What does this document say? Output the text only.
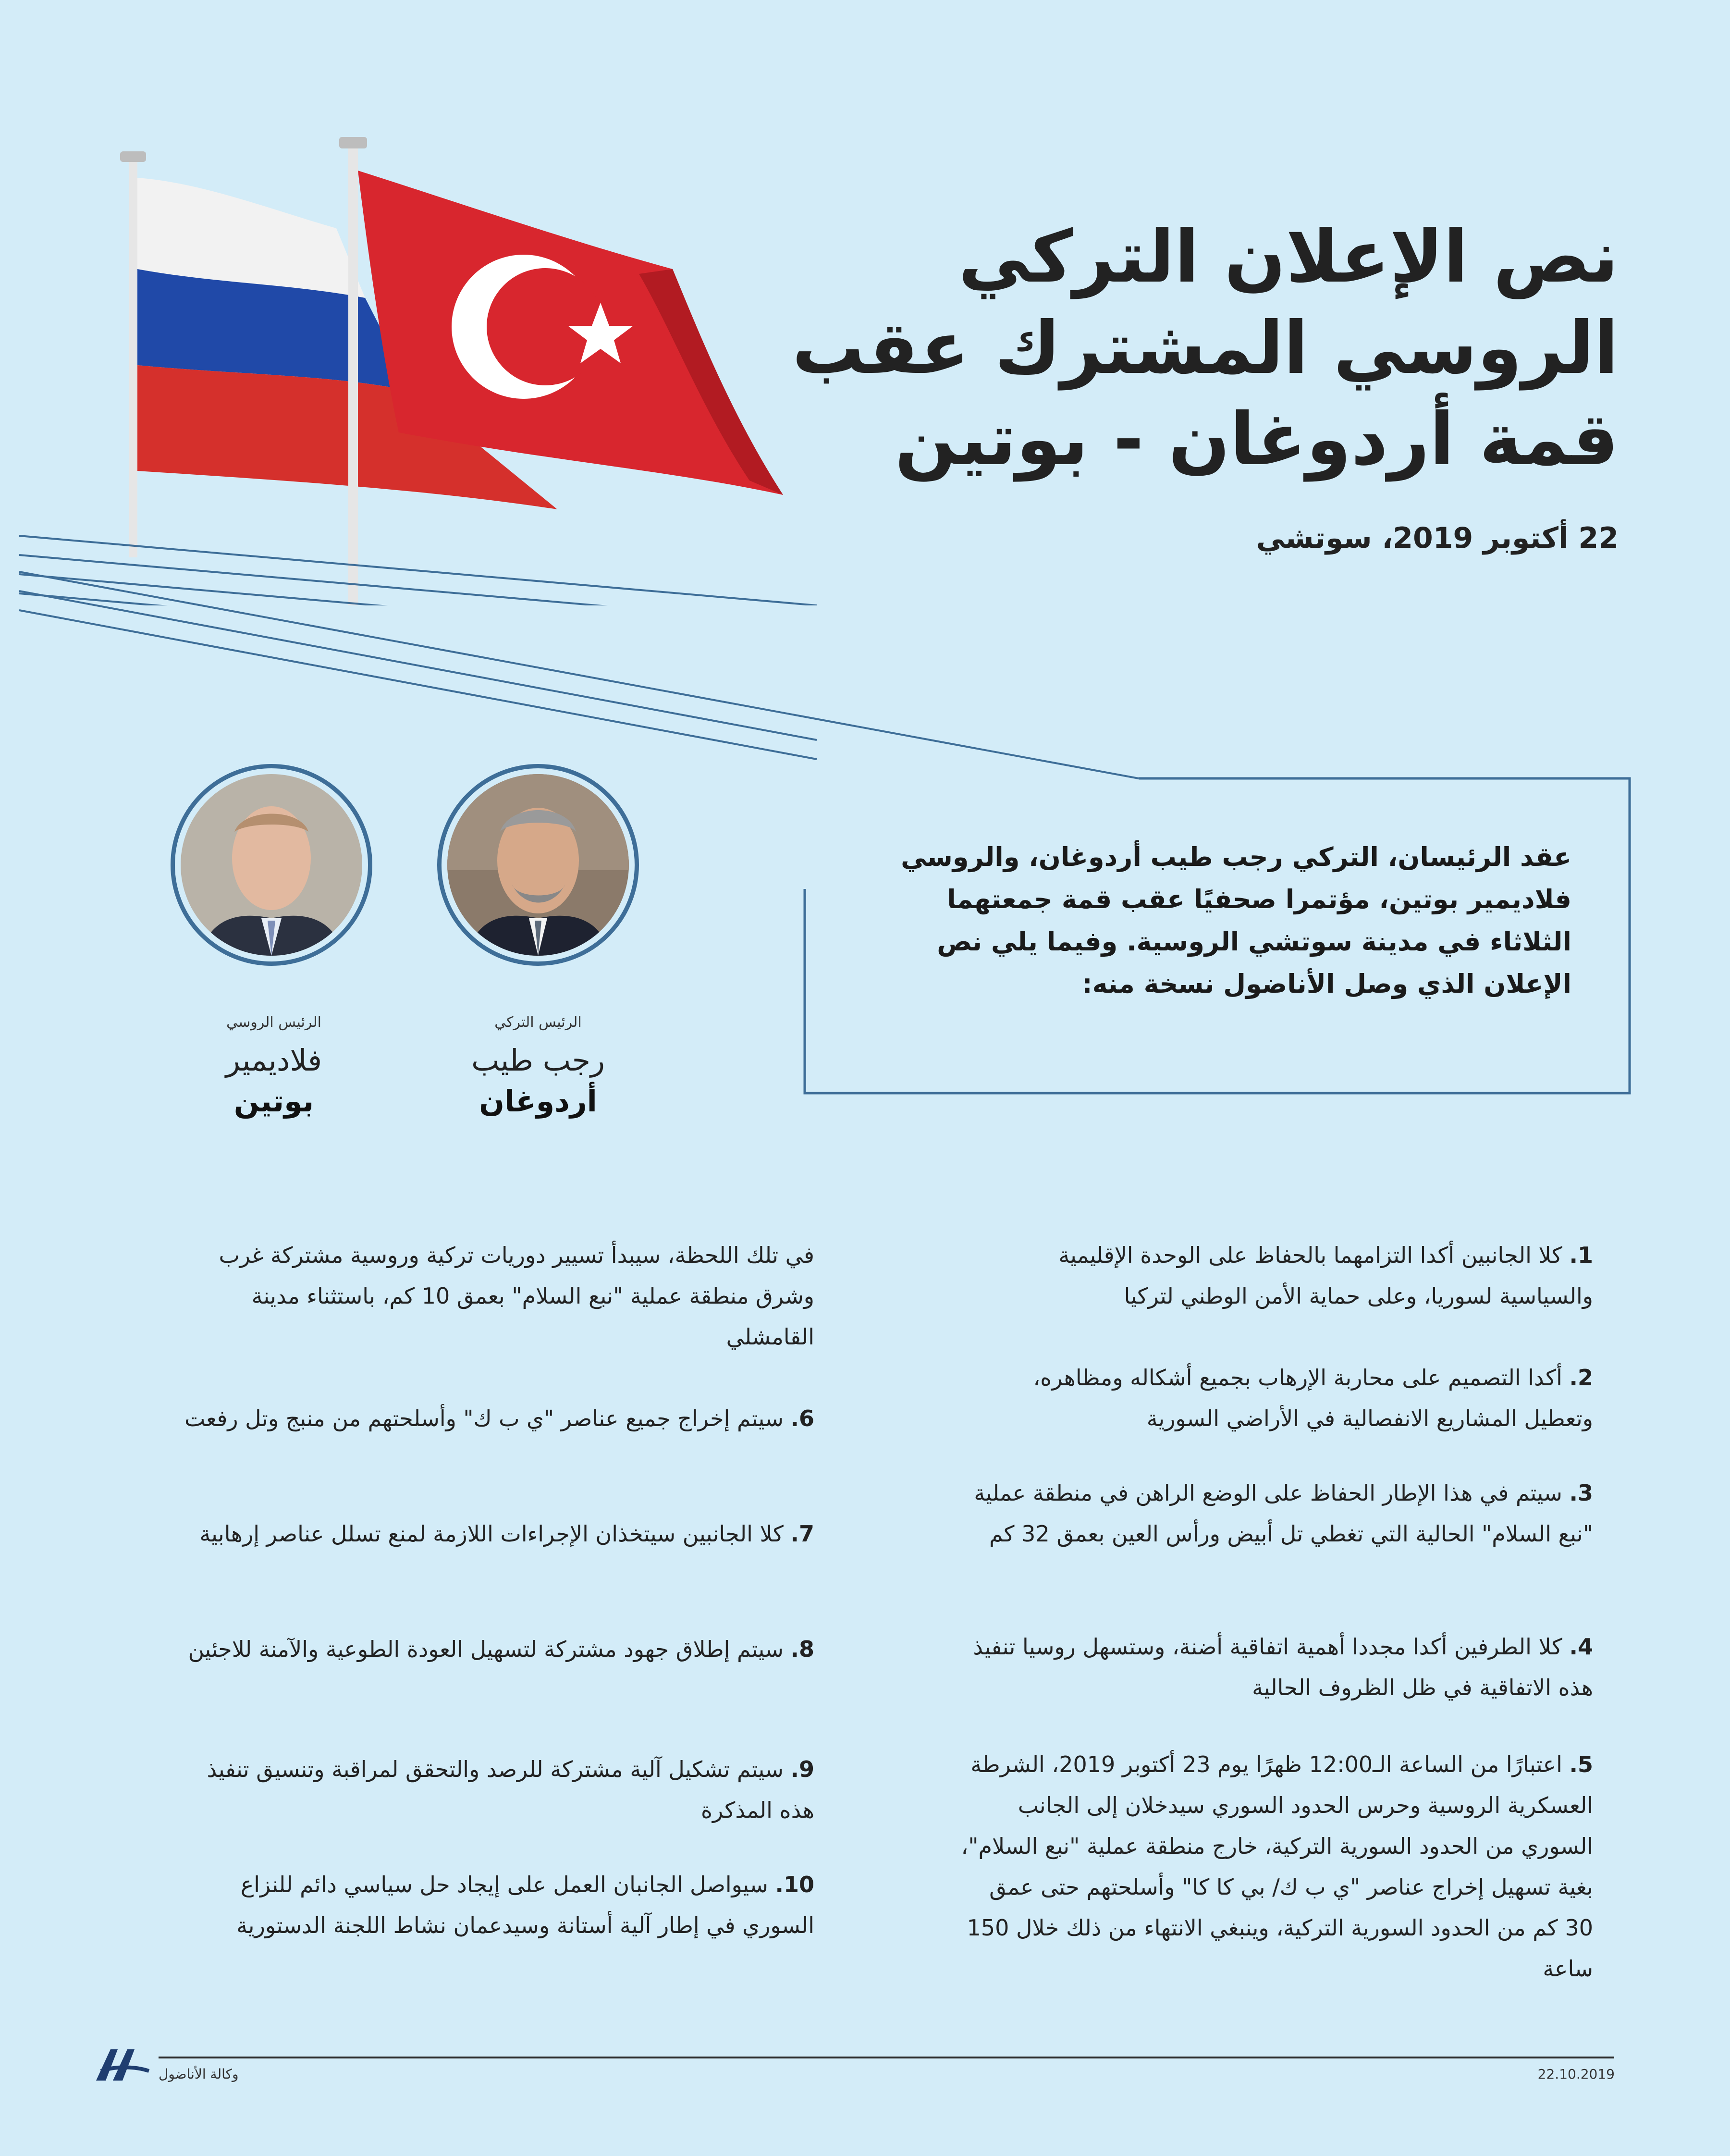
نص الإعلان التركي
الروسي المشترك عقب
قمة أردوغان - بوتين
22 أكتوبر 2019، سوتشي
عقد الرئيسان، التركي رجب طيب أردوغان، والروسي فلاديمير بوتين، مؤتمرا صحفيًا عقب قمة جمعتهما الثلاثاء في مدينة سوتشي الروسية. وفيما يلي نص الإعلان الذي وصل الأناضول نسخة منه:
الرئيس التركي
رجب طيب
أردوغان
الرئيس الروسي
فلاديمير
بوتين
1. كلا الجانبين أكدا التزامهما بالحفاظ على الوحدة الإقليمية والسياسية لسوريا، وعلى حماية الأمن الوطني لتركيا
2. أكدا التصميم على محاربة الإرهاب بجميع أشكاله ومظاهره، وتعطيل المشاريع الانفصالية في الأراضي السورية
3. سيتم في هذا الإطار الحفاظ على الوضع الراهن في منطقة عملية "نبع السلام" الحالية التي تغطي تل أبيض ورأس العين بعمق 32 كم
4. كلا الطرفين أكدا مجددا أهمية اتفاقية أضنة، وستسهل روسيا تنفيذ هذه الاتفاقية في ظل الظروف الحالية
5. اعتبارًا من الساعة الـ12:00 ظهرًا يوم 23 أكتوبر 2019، الشرطة العسكرية الروسية وحرس الحدود السوري سيدخلان إلى الجانب السوري من الحدود السورية التركية، خارج منطقة عملية "نبع السلام"، بغية تسهيل إخراج عناصر "ي ب ك/ بي كا كا" وأسلحتهم حتى عمق 30 كم من الحدود السورية التركية، وينبغي الانتهاء من ذلك خلال 150 ساعة
في تلك اللحظة، سيبدأ تسيير دوريات تركية وروسية مشتركة غرب وشرق منطقة عملية "نبع السلام" بعمق 10 كم، باستثناء مدينة القامشلي
6. سيتم إخراج جميع عناصر "ي ب ك" وأسلحتهم من منبج وتل رفعت
7. كلا الجانبين سيتخذان الإجراءات اللازمة لمنع تسلل عناصر إرهابية
8. سيتم إطلاق جهود مشتركة لتسهيل العودة الطوعية والآمنة للاجئين
9. سيتم تشكيل آلية مشتركة للرصد والتحقق لمراقبة وتنسيق تنفيذ هذه المذكرة
10. سيواصل الجانبان العمل على إيجاد حل سياسي دائم للنزاع السوري في إطار آلية أستانة وسيدعمان نشاط اللجنة الدستورية
وكالة الأناضول	22.10.2019
